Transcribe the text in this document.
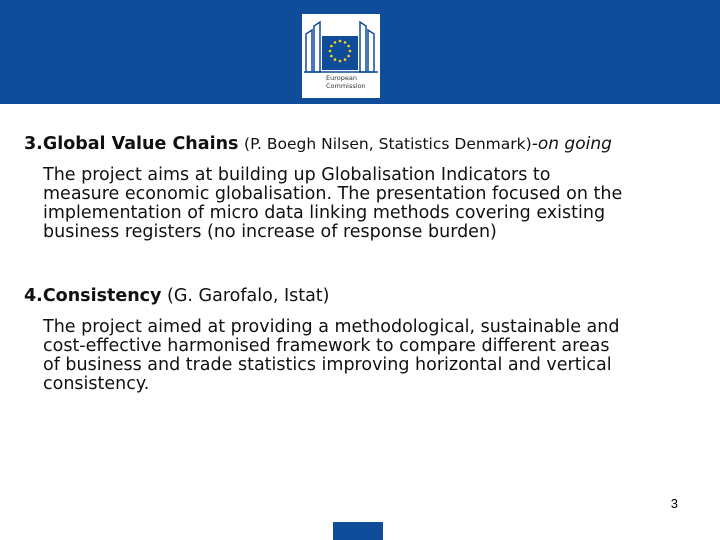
European
Commission
3.Global Value Chains (P. Boegh Nilsen, Statistics Denmark)-on going
The project aims at building up Globalisation Indicators to
measure economic globalisation. The presentation focused on the
implementation of micro data linking methods covering existing
business registers (no increase of response burden)
4.Consistency (G. Garofalo, Istat)
The project aimed at providing a methodological, sustainable and
cost-effective harmonised framework to compare different areas
of business and trade statistics improving horizontal and vertical
consistency.
3
